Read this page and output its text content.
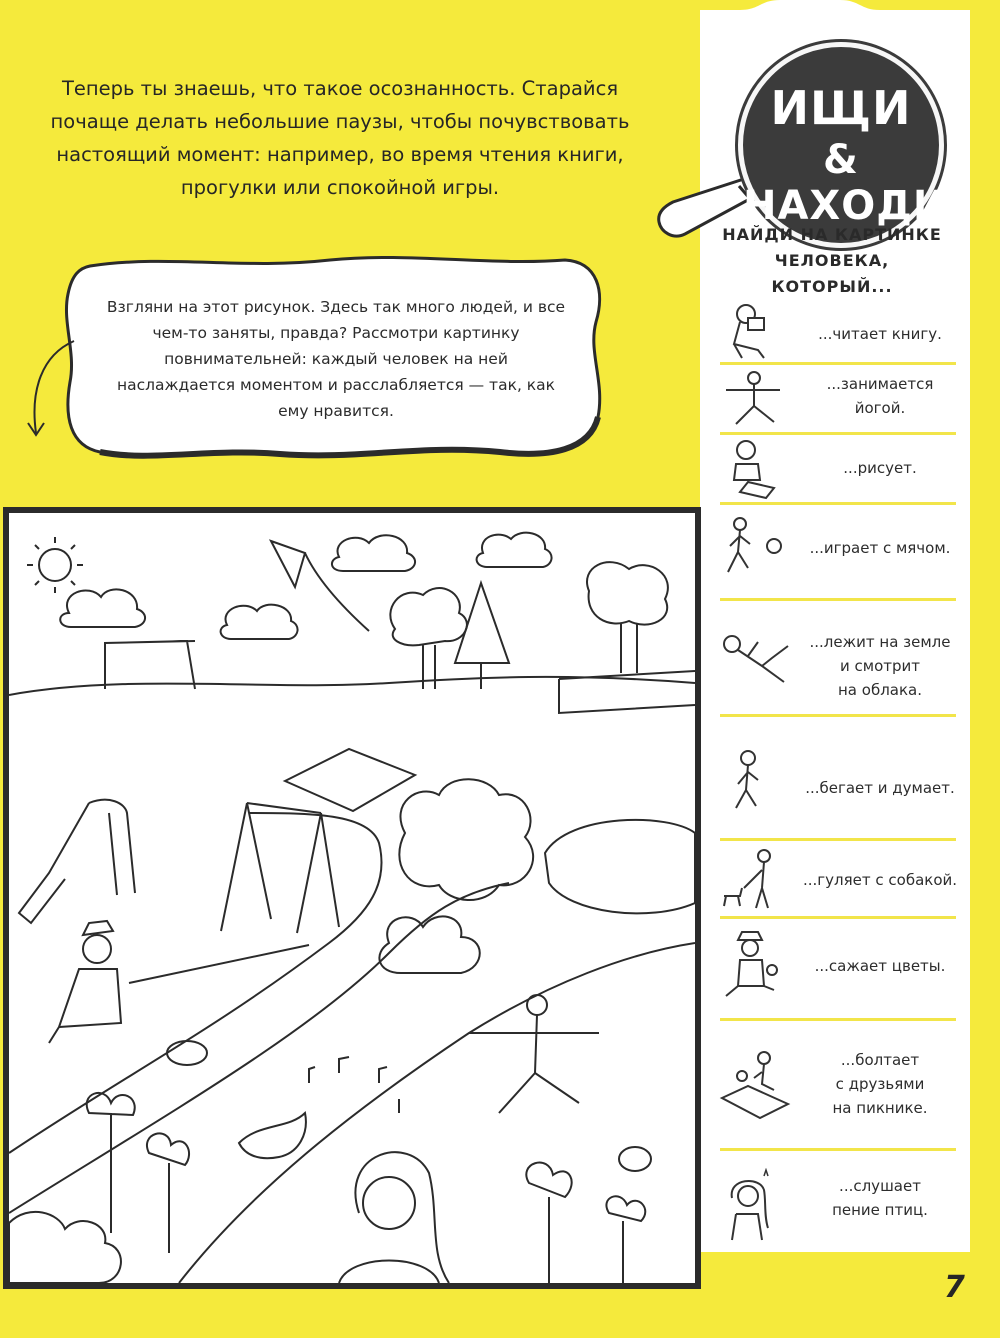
Теперь ты знаешь, что такое осознанность. Старайся почаще делать небольшие паузы, чтобы почувствовать настоящий момент: например, во время чтения книги, прогулки или спокойной игры.

Взгляни на этот рисунок. Здесь так много людей, и все чем-то заняты, правда? Рассмотри картинку повнимательней: каждый человек на ней наслаждается моментом и расслабляется — так, как ему нравится.

ИЩИ
& НАХОДИ

НАЙДИ НА КАРТИНКЕ ЧЕЛОВЕКА, КОТОРЫЙ...

...читает книгу.
...занимается
йогой.
...рисует.
...играет с мячом.
...лежит на земле
и смотрит
на облака.
...бегает и думает.
...гуляет с собакой.
...сажает цветы.
...болтает
с друзьями
на пикнике.
...слушает
пение птиц.
7
